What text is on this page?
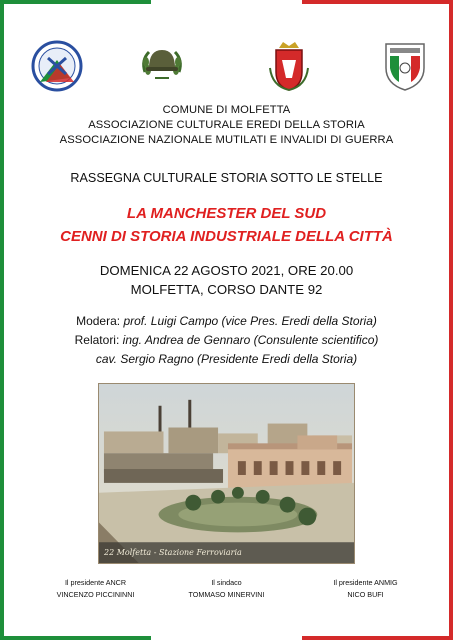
COMUNE DI MOLFETTA
ASSOCIAZIONE CULTURALE EREDI DELLA STORIA
ASSOCIAZIONE NAZIONALE MUTILATI E INVALIDI DI GUERRA
RASSEGNA CULTURALE STORIA SOTTO LE STELLE
LA MANCHESTER DEL SUD
CENNI DI STORIA INDUSTRIALE DELLA CITTÀ
DOMENICA 22 AGOSTO 2021, ORE 20.00
MOLFETTA, CORSO DANTE 92
Modera: prof. Luigi Campo (vice Pres. Eredi della Storia)
Relatori: ing. Andrea de Gennaro (Consulente scientifico)
cav. Sergio Ragno (Presidente Eredi della Storia)
22 Molfetta - Stazione Ferroviaria
Il presidente ANCR
VINCENZO PICCININNI
Il sindaco
TOMMASO MINERVINI
Il presidente ANMIG
NICO BUFI
